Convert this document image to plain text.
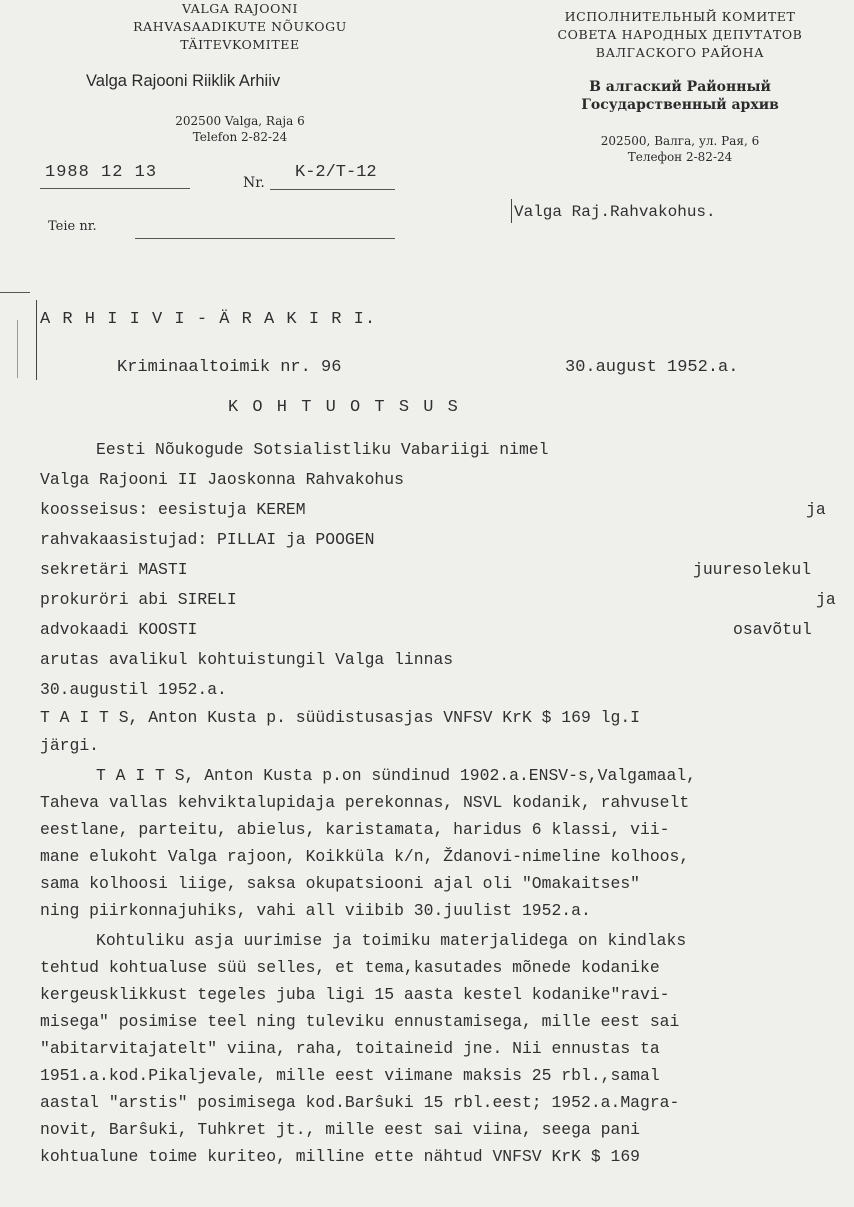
VALGA RAJOONI
RAHVASAADIKUTE NÕUKOGU
TÄITEVKOMITEE
Valga Rajooni Riiklik Arhiiv
202500 Valga, Raja 6
Telefon 2-82-24
ИСПОЛНИТЕЛЬНЫЙ КОМИТЕТ
СОВЕТА НАРОДНЫХ ДЕПУТАТОВ
ВАЛГАСКОГО РАЙОНА
В алгаский Районный
Государственный архив
202500, Валга, ул. Рая, 6
Телефон 2-82-24
1988 12 13
Nr.
K-2/T-12
Teie nr.
Valga Raj.Rahvakohus.
A R H I I V I - Ä R A K I R I.
Kriminaaltoimik nr. 96	30.august 1952.a.
K O H T U O T S U S
Eesti Nõukogude Sotsialistliku Vabariigi nimel
Valga Rajooni II Jaoskonna Rahvakohus
koosseisus: eesistuja KEREM	ja
rahvakaasistujad: PILLAI ja POOGEN
sekretäri MASTI	juuresolekul
prokuröri abi SIRELI	ja
advokaadi KOOSTI	osavõtul
arutas avalikul kohtuistungil Valga linnas
30.augustil 1952.a.
T A I T S, Anton Kusta p. süüdistusasjas VNFSV KrK $ 169 lg.I
järgi.
T A I T S, Anton Kusta p.on sündinud 1902.a.ENSV-s,Valgamaal,
Taheva vallas kehviktalupidaja perekonnas, NSVL kodanik, rahvuselt
eestlane, parteitu, abielus, karistamata, haridus 6 klassi, vii-
mane elukoht Valga rajoon, Koikküla k/n, Ždanovi-nimeline kolhoos,
sama kolhoosi liige, saksa okupatsiooni ajal oli "Omakaitses"
ning piirkonnajuhiks, vahi all viibib 30.juulist 1952.a.
Kohtuliku asja uurimise ja toimiku materjalidega on kindlaks
tehtud kohtualuse süü selles, et tema,kasutades mõnede kodanike
kergeusklikkust tegeles juba ligi 15 aasta kestel kodanike"ravi-
misega" posimise teel ning tuleviku ennustamisega, mille eest sai
"abitarvitajatelt" viina, raha, toitaineid jne. Nii ennustas ta
1951.a.kod.Pikaljevale, mille eest viimane maksis 25 rbl.,samal
aastal "arstis" posimisega kod.Barŝuki 15 rbl.eest; 1952.a.Magra-
novit, Barŝuki, Tuhkret jt., mille eest sai viina, seega pani
kohtualune toime kuriteo, milline ette nähtud VNFSV KrK $ 169
